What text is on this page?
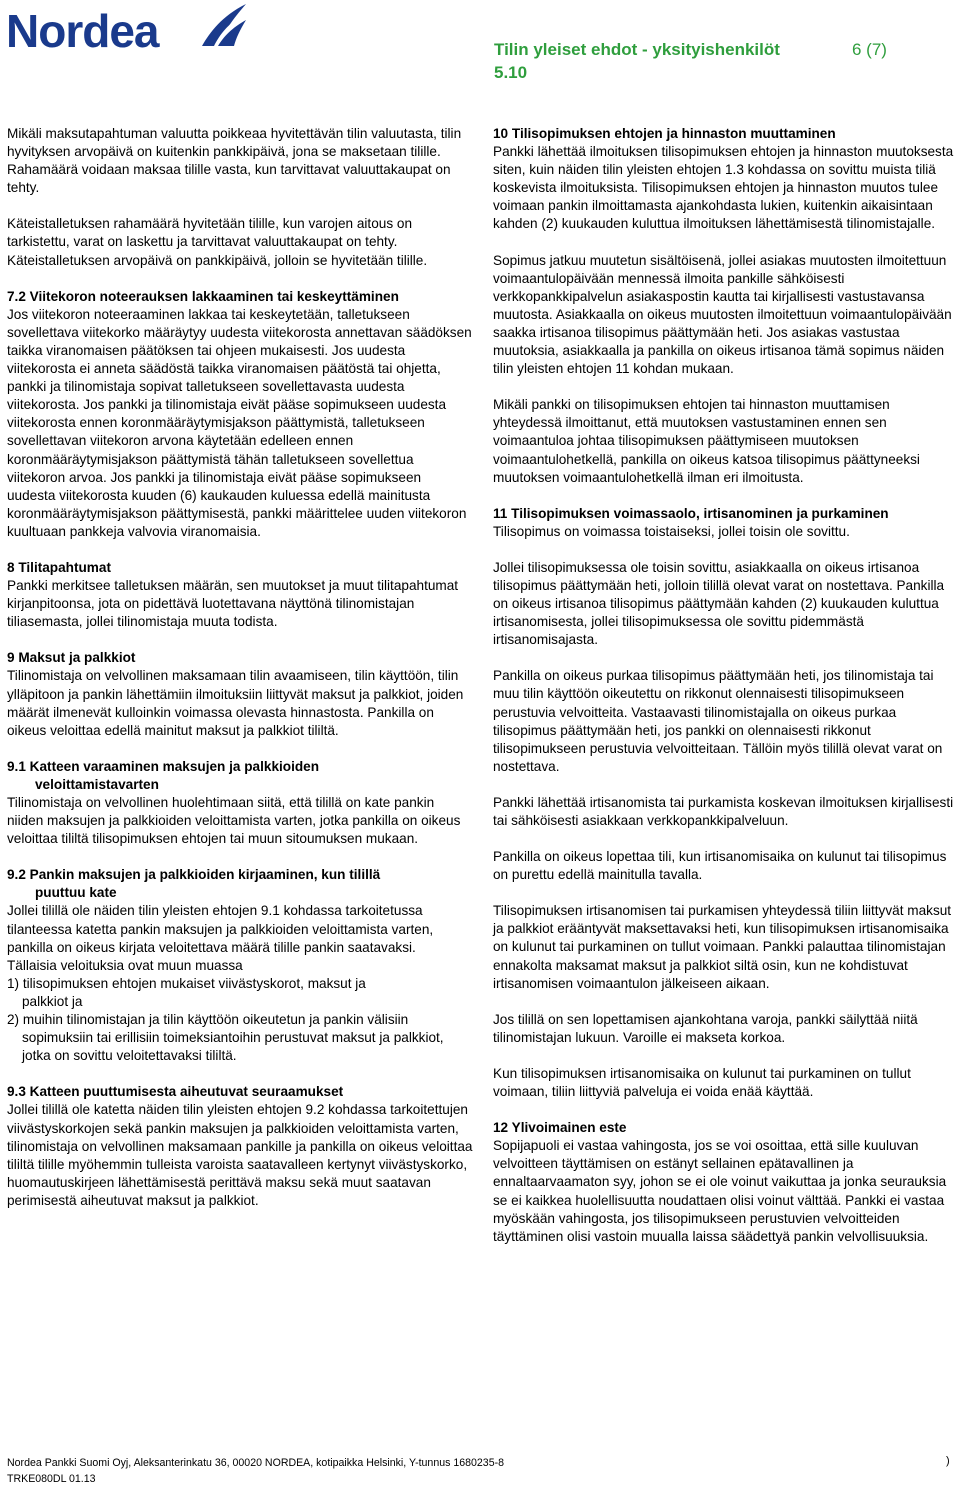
Nordea	Tilin yleiset ehdot - yksityishenkilöt
5.10
6 (7)

Mikäli maksutapahtuman valuutta poikkeaa hyvitettävän tilin valuutasta, tilin hyvityksen arvopäivä on kuitenkin pankkipäivä, jona se maksetaan tilille. Rahamäärä voidaan maksaa tilille vasta, kun tarvittavat valuuttakaupat on tehty.

Käteistalletuksen rahamäärä hyvitetään tilille, kun varojen aitous on tarkistettu, varat on laskettu ja tarvittavat valuuttakaupat on tehty. Käteistalletuksen arvopäivä on pankkipäivä, jolloin se hyvitetään tilille.

7.2 Viitekoron noteerauksen lakkaaminen tai keskeyttäminen
Jos viitekoron noteeraaminen lakkaa tai keskeytetään, talletukseen sovellettava viitekorko määräytyy uudesta viitekorosta annettavan säädöksen taikka viranomaisen päätöksen tai ohjeen mukaisesti. Jos uudesta viitekorosta ei anneta säädöstä taikka viranomaisen päätöstä tai ohjetta, pankki ja tilinomistaja sopivat talletukseen sovellettavasta uudesta viitekorosta. Jos pankki ja tilinomistaja eivät pääse sopimukseen uudesta viitekorosta ennen koronmääräytymisjakson päättymistä, talletukseen sovellettavan viitekoron arvona käytetään edelleen ennen koronmääräytymisjakson päättymistä tähän talletukseen sovellettua viitekoron arvoa. Jos pankki ja tilinomistaja eivät pääse sopimukseen uudesta viitekorosta kuuden (6) kaukauden kuluessa edellä mainitusta koronmääräytymisjakson päättymisestä, pankki määrittelee uuden viitekoron kuultuaan pankkeja valvovia viranomaisia.

8 Tilitapahtumat
Pankki merkitsee talletuksen määrän, sen muutokset ja muut tilitapahtumat kirjanpitoonsa, jota on pidettävä luotettavana näyttönä tilinomistajan tiliasemasta, jollei tilinomistaja muuta todista.

9 Maksut ja palkkiot
Tilinomistaja on velvollinen maksamaan tilin avaamiseen, tilin käyttöön, tilin ylläpitoon ja pankin lähettämiin ilmoituksiin liittyvät maksut ja palkkiot, joiden määrät ilmenevät kulloinkin voimassa olevasta hinnastosta. Pankilla on oikeus veloittaa edellä mainitut maksut ja palkkiot tililtä.

9.1 Katteen varaaminen maksujen ja palkkioiden
veloittamistavarten
Tilinomistaja on velvollinen huolehtimaan siitä, että tilillä on kate pankin niiden maksujen ja palkkioiden veloittamista varten, jotka pankilla on oikeus veloittaa tililtä tilisopimuksen ehtojen tai muun sitoumuksen mukaan.

9.2 Pankin maksujen ja palkkioiden kirjaaminen, kun tilillä
puuttuu kate
Jollei tilillä ole näiden tilin yleisten ehtojen 9.1 kohdassa tarkoitetussa tilanteessa katetta pankin maksujen ja palkkioiden veloittamista varten, pankilla on oikeus kirjata veloitettava määrä tilille pankin saatavaksi.
Tällaisia veloituksia ovat muun muassa
1) tilisopimuksen ehtojen mukaiset viivästyskorot, maksut ja
palkkiot ja
2) muihin tilinomistajan ja tilin käyttöön oikeutetun ja pankin välisiin
sopimuksiin tai erillisiin toimeksiantoihin perustuvat maksut ja palkkiot, jotka on sovittu veloitettavaksi tililtä.

9.3 Katteen puuttumisesta aiheutuvat seuraamukset
Jollei tilillä ole katetta näiden tilin yleisten ehtojen 9.2 kohdassa tarkoitettujen viivästyskorkojen sekä pankin maksujen ja palkkioiden veloittamista varten, tilinomistaja on velvollinen maksamaan pankille ja pankilla on oikeus veloittaa tililtä tilille myöhemmin tulleista varoista saatavalleen kertynyt viivästyskorko, huomautuskirjeen lähettämisestä perittävä maksu sekä muut saatavan perimisestä aiheutuvat maksut ja palkkiot.

10 Tilisopimuksen ehtojen ja hinnaston muuttaminen
Pankki lähettää ilmoituksen tilisopimuksen ehtojen ja hinnaston muutoksesta siten, kuin näiden tilin yleisten ehtojen 1.3 kohdassa on sovittu muista tiliä koskevista ilmoituksista. Tilisopimuksen ehtojen ja hinnaston muutos tulee voimaan pankin ilmoittamasta ajankohdasta lukien, kuitenkin aikaisintaan kahden (2) kuukauden kuluttua ilmoituksen lähettämisestä tilinomistajalle.

Sopimus jatkuu muutetun sisältöisenä, jollei asiakas muutosten ilmoitettuun voimaantulopäivään mennessä ilmoita pankille sähköisesti verkkopankkipalvelun asiakaspostin kautta tai kirjallisesti vastustavansa muutosta. Asiakkaalla on oikeus muutosten ilmoitettuun voimaantulopäivään saakka irtisanoa tilisopimus päättymään heti. Jos asiakas vastustaa muutoksia, asiakkaalla ja pankilla on oikeus irtisanoa tämä sopimus näiden tilin yleisten ehtojen 11 kohdan mukaan.

Mikäli pankki on tilisopimuksen ehtojen tai hinnaston muuttamisen yhteydessä ilmoittanut, että muutoksen vastustaminen ennen sen voimaantuloa johtaa tilisopimuksen päättymiseen muutoksen voimaantulohetkellä, pankilla on oikeus katsoa tilisopimus päättyneeksi muutoksen voimaantulohetkellä ilman eri ilmoitusta.

11 Tilisopimuksen voimassaolo, irtisanominen ja purkaminen
Tilisopimus on voimassa toistaiseksi, jollei toisin ole sovittu.

Jollei tilisopimuksessa ole toisin sovittu, asiakkaalla on oikeus irtisanoa tilisopimus päättymään heti, jolloin tilillä olevat varat on nostettava. Pankilla on oikeus irtisanoa tilisopimus päättymään kahden (2) kuukauden kuluttua irtisanomisesta, jollei tilisopimuksessa ole sovittu pidemmästä irtisanomisajasta.

Pankilla on oikeus purkaa tilisopimus päättymään heti, jos tilinomistaja tai muu tilin käyttöön oikeutettu on rikkonut olennaisesti tilisopimukseen perustuvia velvoitteita. Vastaavasti tilinomistajalla on oikeus purkaa tilisopimus päättymään heti, jos pankki on olennaisesti rikkonut tilisopimukseen perustuvia velvoitteitaan. Tällöin myös tilillä olevat varat on nostettava.

Pankki lähettää irtisanomista tai purkamista koskevan ilmoituksen kirjallisesti tai sähköisesti asiakkaan verkkopankkipalveluun.

Pankilla on oikeus lopettaa tili, kun irtisanomisaika on kulunut tai tilisopimus on purettu edellä mainitulla tavalla.

Tilisopimuksen irtisanomisen tai purkamisen yhteydessä tiliin liittyvät maksut ja palkkiot erääntyvät maksettavaksi heti, kun tilisopimuksen irtisanomisaika on kulunut tai purkaminen on tullut voimaan. Pankki palauttaa tilinomistajan ennakolta maksamat maksut ja palkkiot siltä osin, kun ne kohdistuvat irtisanomisen voimaantulon jälkeiseen aikaan.

Jos tilillä on sen lopettamisen ajankohtana varoja, pankki säilyttää niitä tilinomistajan lukuun. Varoille ei makseta korkoa.

Kun tilisopimuksen irtisanomisaika on kulunut tai purkaminen on tullut voimaan, tiliin liittyviä palveluja ei voida enää käyttää.

12 Ylivoimainen este
Sopijapuoli ei vastaa vahingosta, jos se voi osoittaa, että sille kuuluvan velvoitteen täyttämisen on estänyt sellainen epätavallinen ja ennaltaarvaamaton syy, johon se ei ole voinut vaikuttaa ja jonka seurauksia se ei kaikkea huolellisuutta noudattaen olisi voinut välttää. Pankki ei vastaa myöskään vahingosta, jos tilisopimukseen perustuvien velvoitteiden täyttäminen olisi vastoin muualla laissa säädettyä pankin velvollisuuksia.

Nordea Pankki Suomi Oyj, Aleksanterinkatu 36, 00020 NORDEA, kotipaikka Helsinki, Y-tunnus 1680235-8
TRKE080DL 01.13
)
